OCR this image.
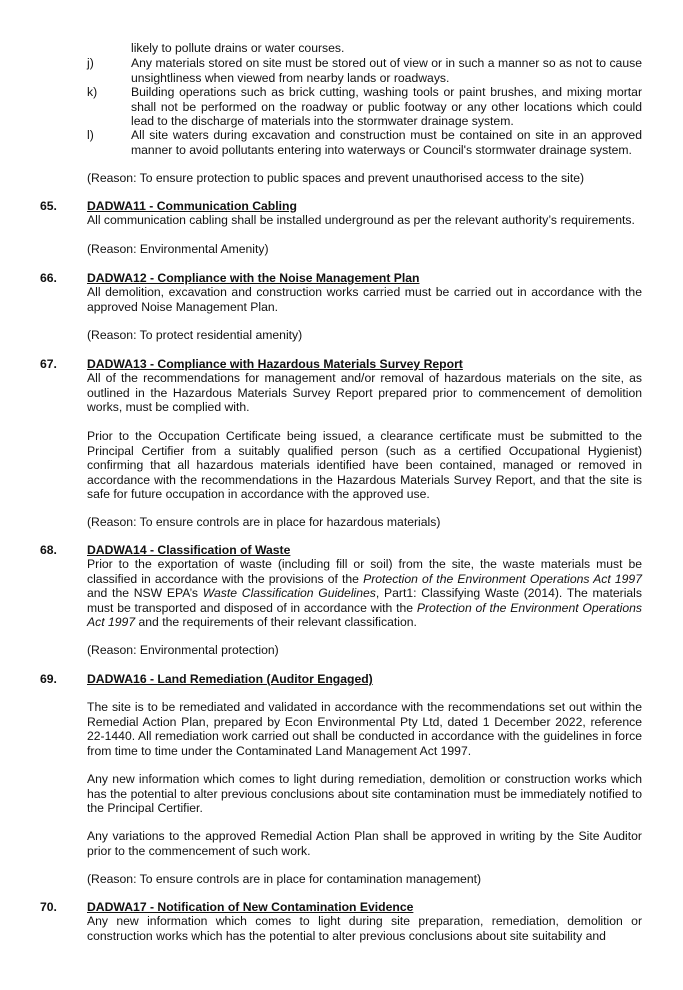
likely to pollute drains or water courses.

j)	Any materials stored on site must be stored out of view or in such a manner so as not to cause unsightliness when viewed from nearby lands or roadways.

k)	Building operations such as brick cutting, washing tools or paint brushes, and mixing mortar shall not be performed on the roadway or public footway or any other locations which could lead to the discharge of materials into the stormwater drainage system.

l)	All site waters during excavation and construction must be contained on site in an approved manner to avoid pollutants entering into waterways or Council's stormwater drainage system.

(Reason: To ensure protection to public spaces and prevent unauthorised access to the site)

65. DADWA11 - Communication Cabling

All communication cabling shall be installed underground as per the relevant authority’s requirements.

(Reason: Environmental Amenity)

66. DADWA12 - Compliance with the Noise Management Plan

All demolition, excavation and construction works carried must be carried out in accordance with the approved Noise Management Plan.

(Reason: To protect residential amenity)

67. DADWA13 - Compliance with Hazardous Materials Survey Report

All of the recommendations for management and/or removal of hazardous materials on the site, as outlined in the Hazardous Materials Survey Report prepared prior to commencement of demolition works, must be complied with.

Prior to the Occupation Certificate being issued, a clearance certificate must be submitted to the Principal Certifier from a suitably qualified person (such as a certified Occupational Hygienist) confirming that all hazardous materials identified have been contained, managed or removed in accordance with the recommendations in the Hazardous Materials Survey Report, and that the site is safe for future occupation in accordance with the approved use.

(Reason: To ensure controls are in place for hazardous materials)

68. DADWA14 - Classification of Waste

Prior to the exportation of waste (including fill or soil) from the site, the waste materials must be classified in accordance with the provisions of the Protection of the Environment Operations Act 1997 and the NSW EPA’s Waste Classification Guidelines, Part1: Classifying Waste (2014). The materials must be transported and disposed of in accordance with the Protection of the Environment Operations Act 1997 and the requirements of their relevant classification.

(Reason: Environmental protection)

69. DADWA16 - Land Remediation (Auditor Engaged)

The site is to be remediated and validated in accordance with the recommendations set out within the Remedial Action Plan, prepared by Econ Environmental Pty Ltd, dated 1 December 2022, reference 22-1440. All remediation work carried out shall be conducted in accordance with the guidelines in force from time to time under the Contaminated Land Management Act 1997.

Any new information which comes to light during remediation, demolition or construction works which has the potential to alter previous conclusions about site contamination must be immediately notified to the Principal Certifier.

Any variations to the approved Remedial Action Plan shall be approved in writing by the Site Auditor prior to the commencement of such work.

(Reason: To ensure controls are in place for contamination management)

70. DADWA17 - Notification of New Contamination Evidence

Any new information which comes to light during site preparation, remediation, demolition or construction works which has the potential to alter previous conclusions about site suitability and
